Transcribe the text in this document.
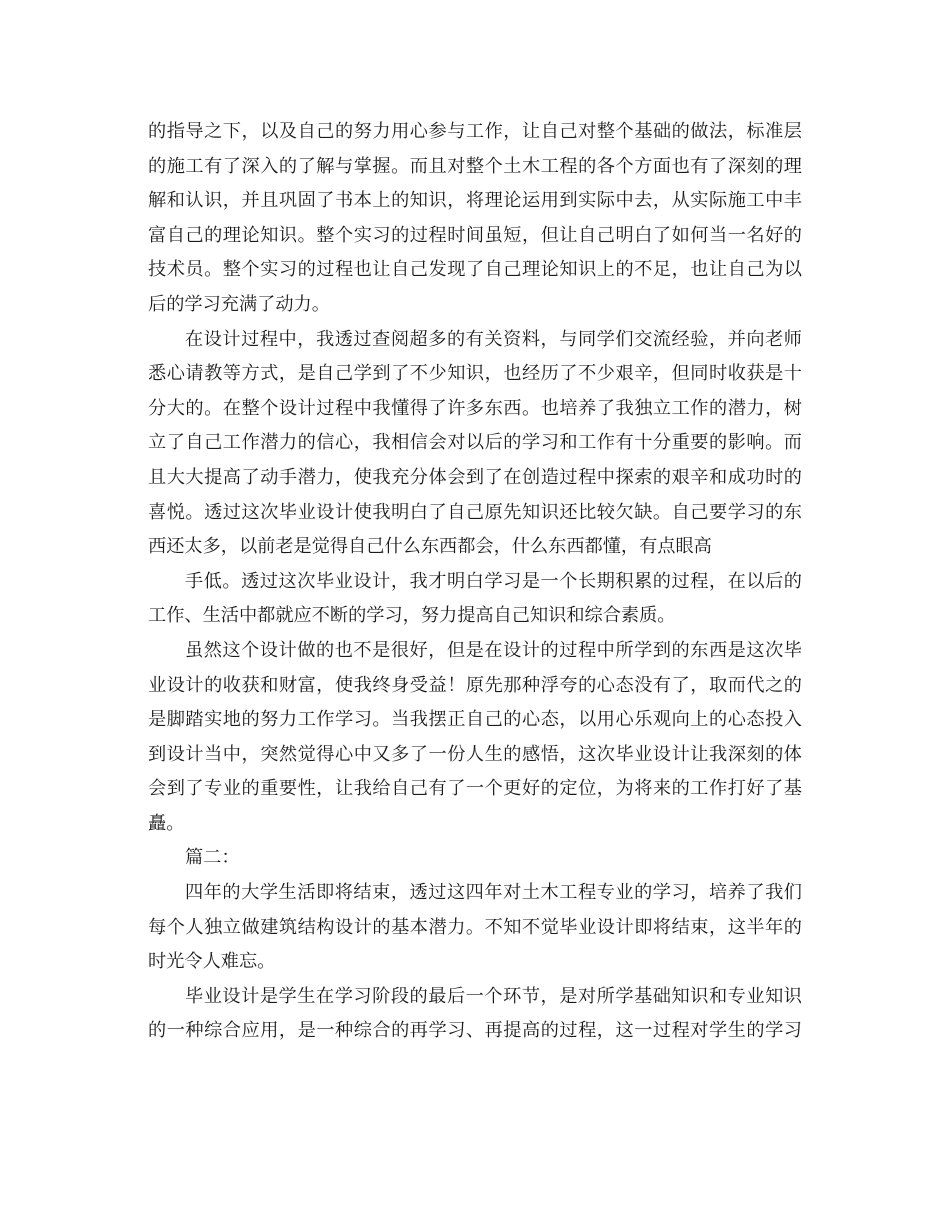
的指导之下，以及自己的努力用心参与工作，让自己对整个基础的做法，标准层
的施工有了深入的了解与掌握。而且对整个土木工程的各个方面也有了深刻的理
解和认识，并且巩固了书本上的知识，将理论运用到实际中去，从实际施工中丰
富自己的理论知识。整个实习的过程时间虽短，但让自己明白了如何当一名好的
技术员。整个实习的过程也让自己发现了自己理论知识上的不足，也让自己为以
后的学习充满了动力。
在设计过程中，我透过查阅超多的有关资料，与同学们交流经验，并向老师
悉心请教等方式，是自己学到了不少知识，也经历了不少艰辛，但同时收获是十
分大的。在整个设计过程中我懂得了许多东西。也培养了我独立工作的潜力，树
立了自己工作潜力的信心，我相信会对以后的学习和工作有十分重要的影响。而
且大大提高了动手潜力，使我充分体会到了在创造过程中探索的艰辛和成功时的
喜悦。透过这次毕业设计使我明白了自己原先知识还比较欠缺。自己要学习的东
西还太多，以前老是觉得自己什么东西都会，什么东西都懂，有点眼高
手低。透过这次毕业设计，我才明白学习是一个长期积累的过程，在以后的
工作、生活中都就应不断的学习，努力提高自己知识和综合素质。
虽然这个设计做的也不是很好，但是在设计的过程中所学到的东西是这次毕
业设计的收获和财富，使我终身受益！原先那种浮夸的心态没有了，取而代之的
是脚踏实地的努力工作学习。当我摆正自己的心态，以用心乐观向上的心态投入
到设计当中，突然觉得心中又多了一份人生的感悟，这次毕业设计让我深刻的体
会到了专业的重要性，让我给自己有了一个更好的定位，为将来的工作打好了基
矗。
篇二：
四年的大学生活即将结束，透过这四年对土木工程专业的学习，培养了我们
每个人独立做建筑结构设计的基本潜力。不知不觉毕业设计即将结束，这半年的
时光令人难忘。
毕业设计是学生在学习阶段的最后一个环节，是对所学基础知识和专业知识
的一种综合应用，是一种综合的再学习、再提高的过程，这一过程对学生的学习
